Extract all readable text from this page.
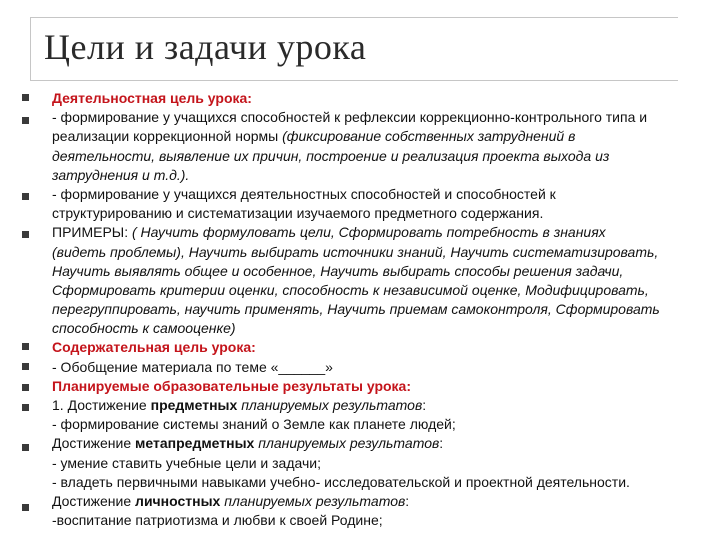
Цели и задачи урока
Деятельностная цель урока:
- формирование у учащихся способностей к рефлексии коррекционно-контрольного типа и
реализации коррекционной нормы (фиксирование собственных затруднений в
деятельности, выявление их причин, построение и реализация проекта выхода из
затруднения и т.д.).
- формирование у учащихся деятельностных способностей и способностей к
структурированию и систематизации изучаемого предметного содержания.
ПРИМЕРЫ: ( Научить формуловать цели, Сформировать потребность в знаниях
(видеть проблемы), Научить выбирать источники знаний, Научить систематизировать,
Научить выявлять общее и особенное, Научить выбирать способы решения задачи,
Сформировать критерии оценки, способность к независимой оценке, Модифицировать,
перегруппировать, научить применять, Научить приемам самоконтроля, Сформировать
способность к самооценке)
Содержательная цель урока:
- Обобщение материала по теме «______»
Планируемые образовательные результаты урока:
1. Достижение предметных планируемых результатов:
- формирование системы знаний о Земле как планете людей;
Достижение метапредметных планируемых результатов:
- умение ставить учебные цели и задачи;
- владеть первичными навыками учебно- исследовательской и проектной деятельности.
Достижение личностных планируемых результатов:
-воспитание патриотизма и любви к своей Родине;
